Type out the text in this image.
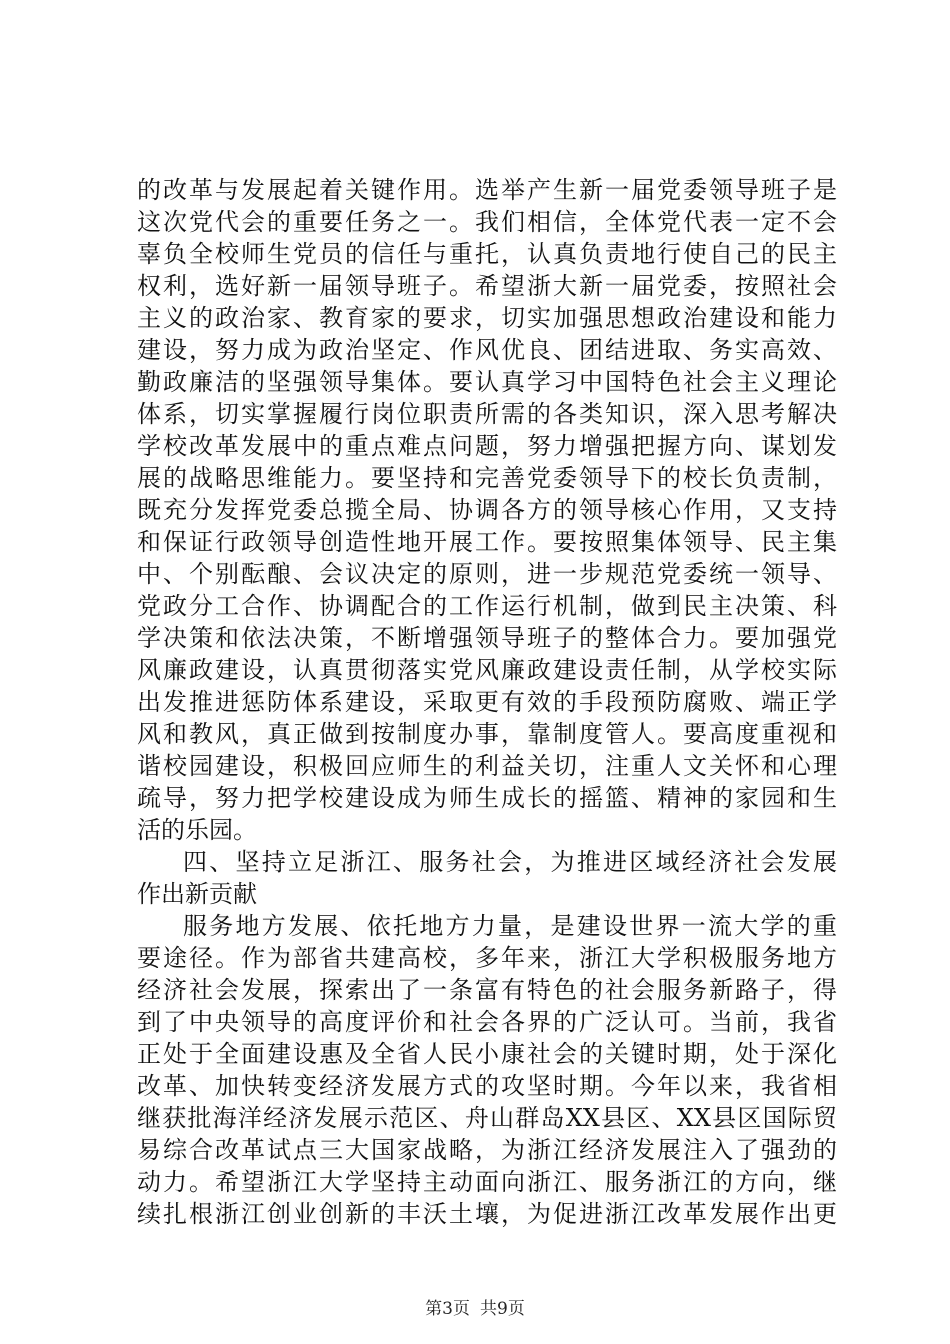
的改革与发展起着关键作用。选举产生新一届党委领导班子是
这次党代会的重要任务之一。我们相信，全体党代表一定不会
辜负全校师生党员的信任与重托，认真负责地行使自己的民主
权利，选好新一届领导班子。希望浙大新一届党委，按照社会
主义的政治家、教育家的要求，切实加强思想政治建设和能力
建设，努力成为政治坚定、作风优良、团结进取、务实高效、
勤政廉洁的坚强领导集体。要认真学习中国特色社会主义理论
体系，切实掌握履行岗位职责所需的各类知识，深入思考解决
学校改革发展中的重点难点问题，努力增强把握方向、谋划发
展的战略思维能力。要坚持和完善党委领导下的校长负责制，
既充分发挥党委总揽全局、协调各方的领导核心作用，又支持
和保证行政领导创造性地开展工作。要按照集体领导、民主集
中、个别酝酿、会议决定的原则，进一步规范党委统一领导、
党政分工合作、协调配合的工作运行机制，做到民主决策、科
学决策和依法决策，不断增强领导班子的整体合力。要加强党
风廉政建设，认真贯彻落实党风廉政建设责任制，从学校实际
出发推进惩防体系建设，采取更有效的手段预防腐败、端正学
风和教风，真正做到按制度办事，靠制度管人。要高度重视和
谐校园建设，积极回应师生的利益关切，注重人文关怀和心理
疏导，努力把学校建设成为师生成长的摇篮、精神的家园和生
活的乐园。
四、坚持立足浙江、服务社会，为推进区域经济社会发展
作出新贡献
服务地方发展、依托地方力量，是建设世界一流大学的重
要途径。作为部省共建高校，多年来，浙江大学积极服务地方
经济社会发展，探索出了一条富有特色的社会服务新路子，得
到了中央领导的高度评价和社会各界的广泛认可。当前，我省
正处于全面建设惠及全省人民小康社会的关键时期，处于深化
改革、加快转变经济发展方式的攻坚时期。今年以来，我省相
继获批海洋经济发展示范区、舟山群岛XX县区、XX县区国际贸
易综合改革试点三大国家战略，为浙江经济发展注入了强劲的
动力。希望浙江大学坚持主动面向浙江、服务浙江的方向，继
续扎根浙江创业创新的丰沃土壤，为促进浙江改革发展作出更
第3页 共9页
